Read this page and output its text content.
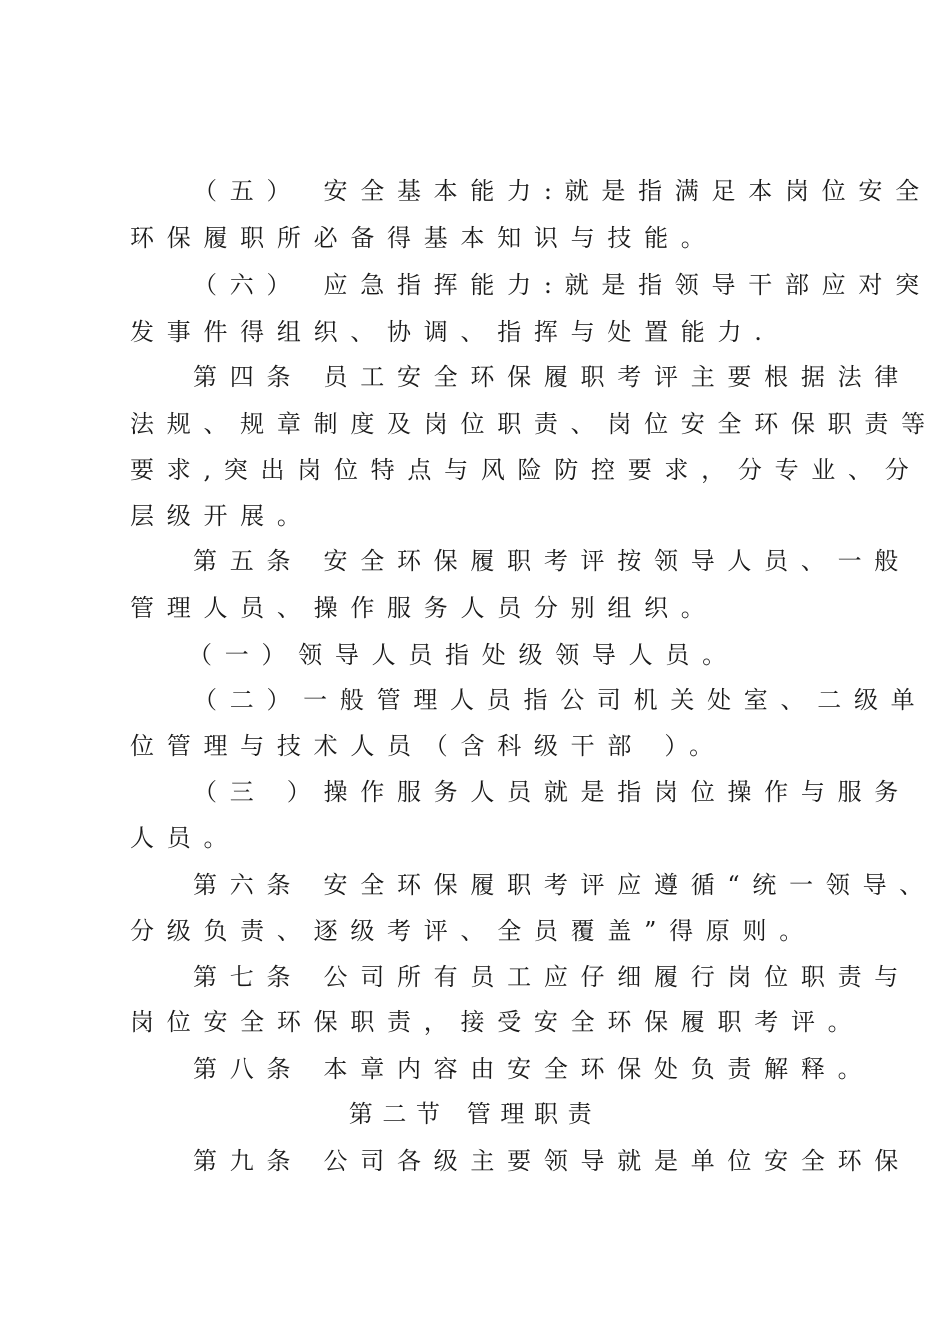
（五） 安全基本能力:就是指满足本岗位安全
环保履职所必备得基本知识与技能。
（六） 应急指挥能力:就是指领导干部应对突
发事件得组织、协调、指挥与处置能力.
第四条 员工安全环保履职考评主要根据法律
法规、规章制度及岗位职责、岗位安全环保职责等
要求,突出岗位特点与风险防控要求，分专业、分
层级开展。
第五条 安全环保履职考评按领导人员、一般
管理人员、操作服务人员分别组织。
（一）领导人员指处级领导人员。
（二）一般管理人员指公司机关处室、二级单
位管理与技术人员（含科级干部 ）。
（三 ）操作服务人员就是指岗位操作与服务
人员。
第六条 安全环保履职考评应遵循“统一领导、
分级负责、逐级考评、全员覆盖”得原则。
第七条 公司所有员工应仔细履行岗位职责与
岗位安全环保职责，接受安全环保履职考评。
第八条 本章内容由安全环保处负责解释。
第二节 管理职责
第九条 公司各级主要领导就是单位安全环保
